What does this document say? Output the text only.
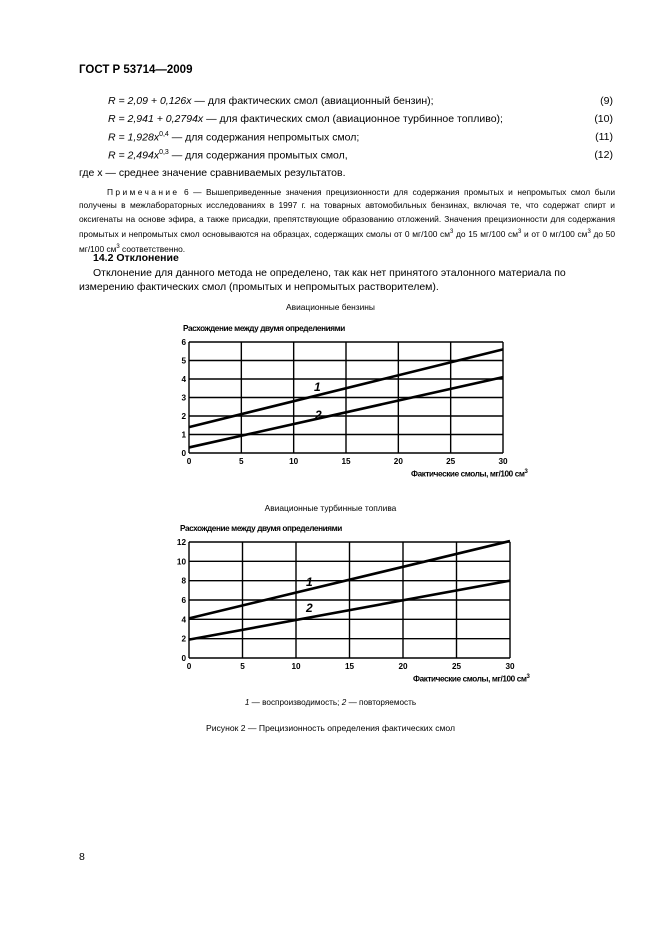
ГОСТ Р 53714—2009
R = 2,09 + 0,126x — для фактических смол (авиационный бензин);	(9)
R = 2,941 + 0,2794x — для фактических смол (авиационное турбинное топливо);	(10)
$R = 1,928x^{0,4}$ — для содержания непромытых смол;	(11)
$R = 2,494x^{0,3}$ — для содержания промытых смол,	(12)
где x — среднее значение сравниваемых результатов.
Примечание 6 — Вышеприведенные значения прецизионности для содержания промытых и непромытых смол были получены в межлабораторных исследованиях в 1997 г. на товарных автомобильных бензинах, включая те, что содержат спирт и оксигенаты на основе эфира, а также присадки, препятствующие образованию отложений. Значения прецизионности для содержания промытых и непромытых смол основываются на образцах, содержащих смолы от 0 мг/100 $см^3$ до 15 мг/100 $см^3$ и от 0 мг/100 $см^3$ до 50 мг/100 $см^3$ соответственно.
14.2 Отклонение
Отклонение для данного метода не определено, так как нет принятого эталонного материала по измерению фактических смол (промытых и непромытых растворителем).
Авиационные бензины
Расхождение между двумя определениями
Фактические смолы, мг/100 $см^3$
0
1
2
3
4
5
6
0	5	10	15	20	25	30
1
2
Авиационные турбинные топлива
Расхождение между двумя определениями
Фактические смолы, мг/100 $см^3$
0
2
4
6
8
10
12
0	5	10	15	20	25	30
1
2
1 — воспроизводимость; 2 — повторяемость
Рисунок 2 — Прецизионность определения фактических смол
8
